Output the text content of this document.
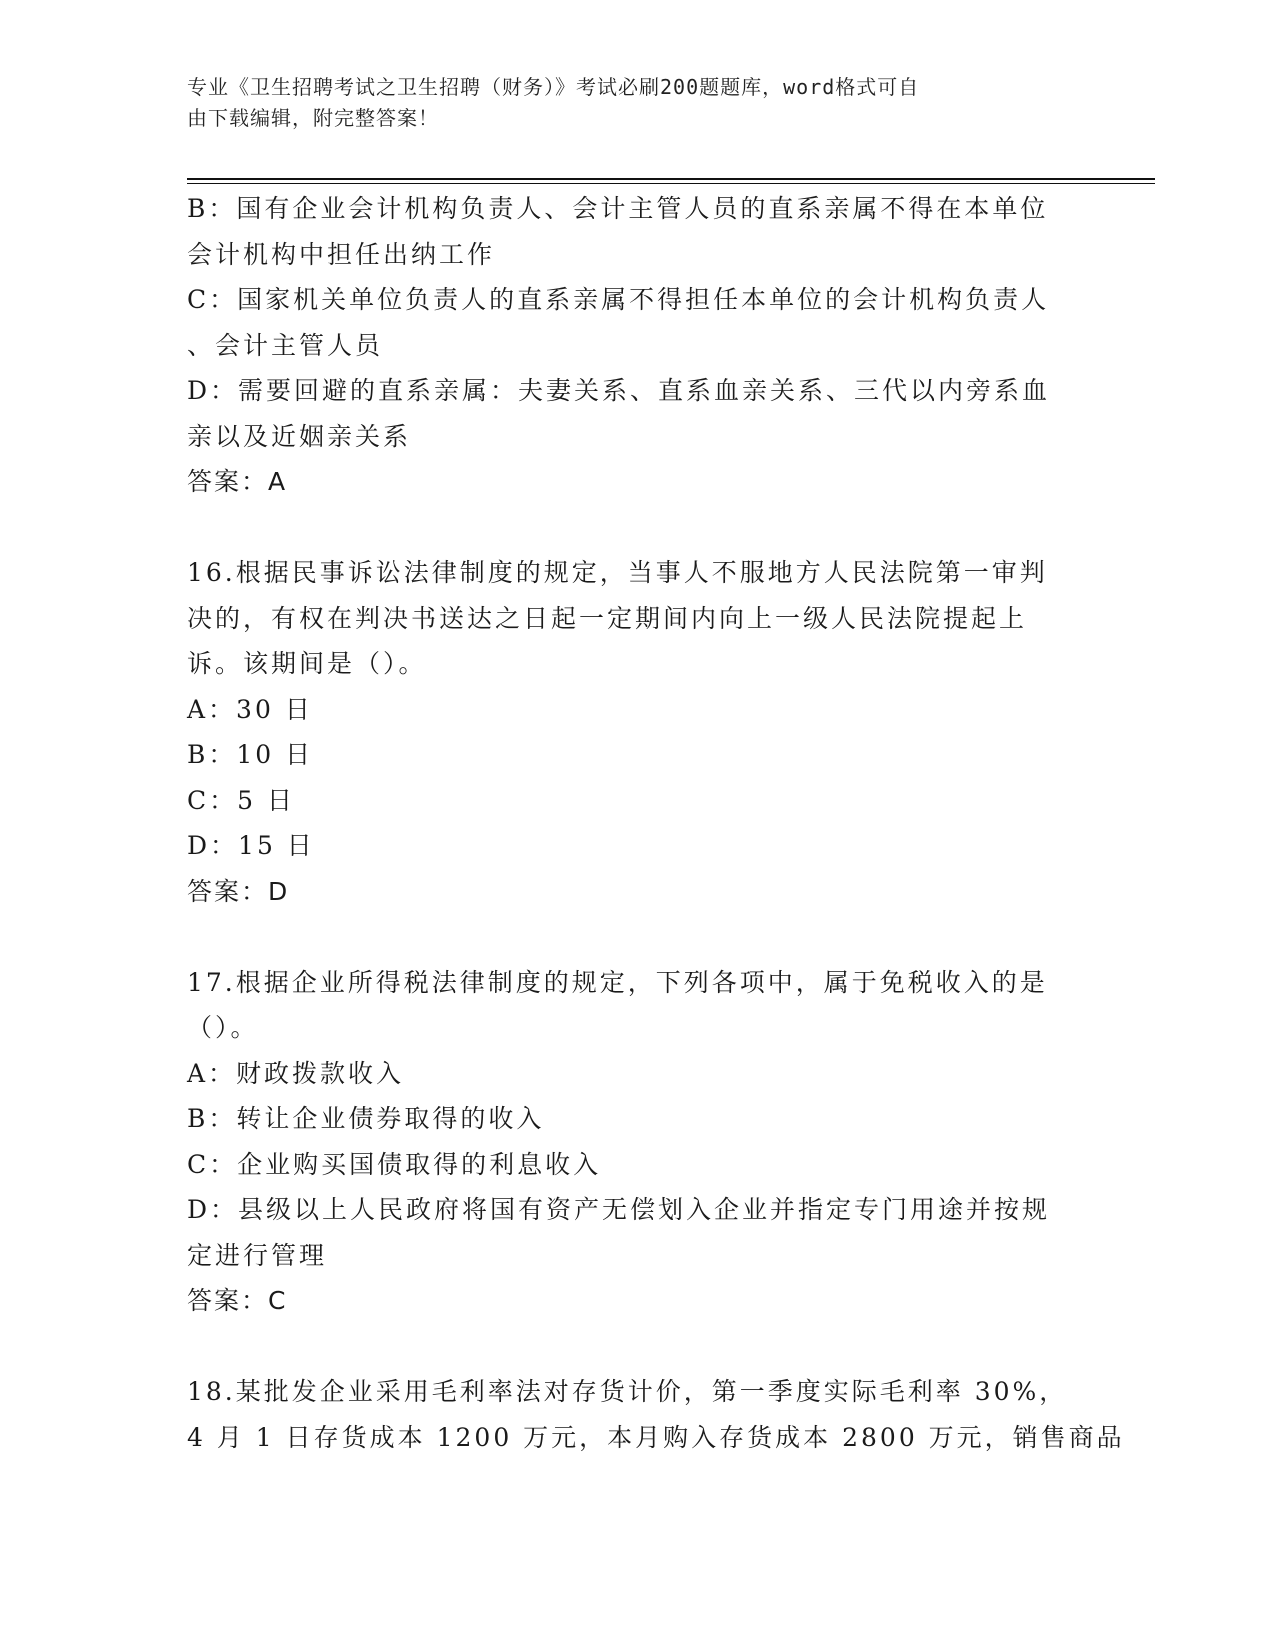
专业《卫生招聘考试之卫生招聘（财务）》考试必刷200题题库，word格式可自
由下载编辑，附完整答案！
B：国有企业会计机构负责人、会计主管人员的直系亲属不得在本单位
会计机构中担任出纳工作
C：国家机关单位负责人的直系亲属不得担任本单位的会计机构负责人
、会计主管人员
D：需要回避的直系亲属：夫妻关系、直系血亲关系、三代以内旁系血
亲以及近姻亲关系
答案：A
16.根据民事诉讼法律制度的规定，当事人不服地方人民法院第一审判
决的，有权在判决书送达之日起一定期间内向上一级人民法院提起上
诉。该期间是（）。
A：30 日
B：10 日
C：5 日
D：15 日
答案：D
17.根据企业所得税法律制度的规定，下列各项中，属于免税收入的是
（）。
A：财政拨款收入
B：转让企业债券取得的收入
C：企业购买国债取得的利息收入
D：县级以上人民政府将国有资产无偿划入企业并指定专门用途并按规
定进行管理
答案：C
18.某批发企业采用毛利率法对存货计价，第一季度实际毛利率 30%，
4 月 1 日存货成本 1200 万元，本月购入存货成本 2800 万元，销售商品
